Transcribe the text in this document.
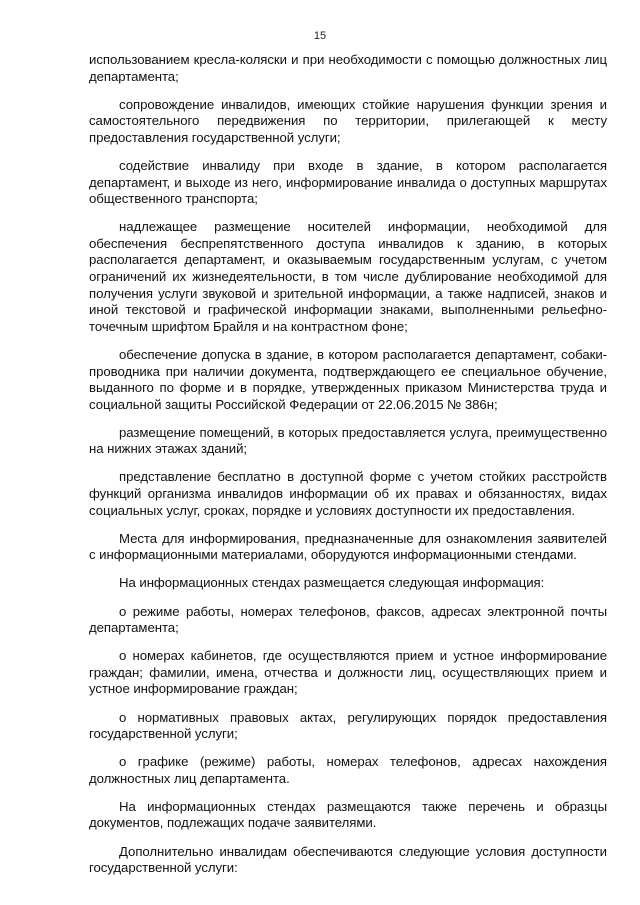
15

использованием кресла-коляски и при необходимости с помощью должностных лиц департамента;

сопровождение инвалидов, имеющих стойкие нарушения функции зрения и самостоятельного передвижения по территории, прилегающей к месту предоставления государственной услуги;

содействие инвалиду при входе в здание, в котором располагается департамент, и выходе из него, информирование инвалида о доступных маршрутах общественного транспорта;

надлежащее размещение носителей информации, необходимой для обеспечения беспрепятственного доступа инвалидов к зданию, в которых располагается департамент, и оказываемым государственным услугам, с учетом ограничений их жизнедеятельности, в том числе дублирование необходимой для получения услуги звуковой и зрительной информации, а также надписей, знаков и иной текстовой и графической информации знаками, выполненными рельефно-точечным шрифтом Брайля и на контрастном фоне;

обеспечение допуска в здание, в котором располагается департамент, собаки-проводника при наличии документа, подтверждающего ее специальное обучение, выданного по форме и в порядке, утвержденных приказом Министерства труда и социальной защиты Российской Федерации от 22.06.2015 № 386н;

размещение помещений, в которых предоставляется услуга, преимущественно на нижних этажах зданий;

представление бесплатно в доступной форме с учетом стойких расстройств функций организма инвалидов информации об их правах и обязанностях, видах социальных услуг, сроках, порядке и условиях доступности их предоставления.

Места для информирования, предназначенные для ознакомления заявителей с информационными материалами, оборудуются информационными стендами.

На информационных стендах размещается следующая информация:

о режиме работы, номерах телефонов, факсов, адресах электронной почты департамента;

о номерах кабинетов, где осуществляются прием и устное информирование граждан; фамилии, имена, отчества и должности лиц, осуществляющих прием и устное информирование граждан;

о нормативных правовых актах, регулирующих порядок предоставления государственной услуги;

о графике (режиме) работы, номерах телефонов, адресах нахождения должностных лиц департамента.

На информационных стендах размещаются также перечень и образцы документов, подлежащих подаче заявителями.

Дополнительно инвалидам обеспечиваются следующие условия доступности государственной услуги:
